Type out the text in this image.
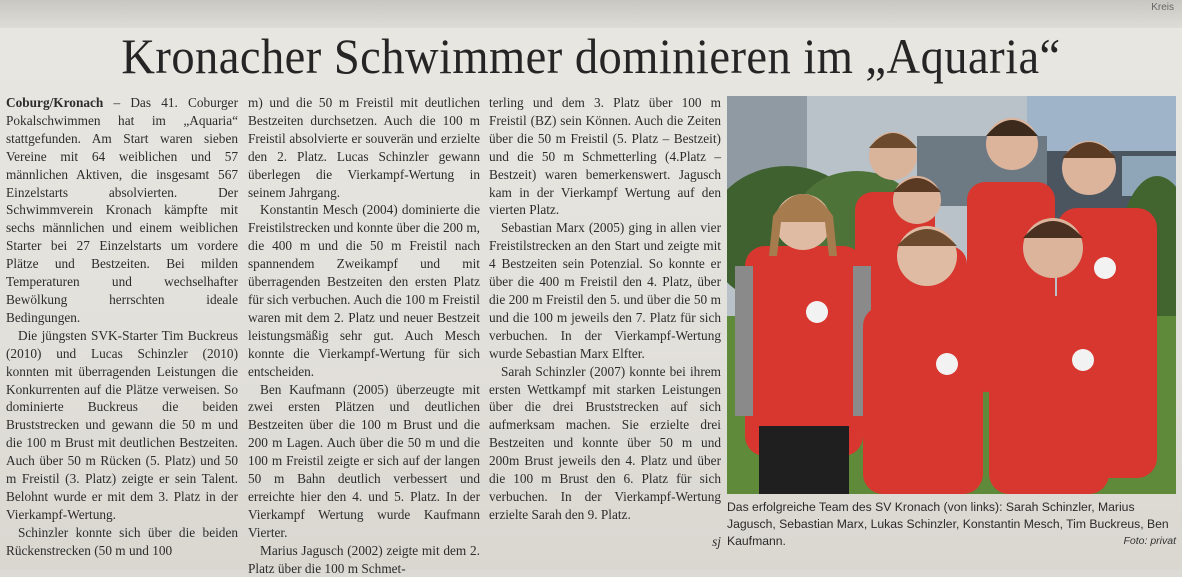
Kreis
Kronacher Schwimmer dominieren im „Aquaria“

Coburg/Kronach – Das 41. Coburger Pokalschwimmen hat im „Aquaria“ stattgefunden. Am Start waren sieben Vereine mit 64 weiblichen und 57 männlichen Aktiven, die insgesamt 567 Einzelstarts absolvierten. Der Schwimmverein Kronach kämpfte mit sechs männlichen und einem weiblichen Starter bei 27 Einzelstarts um vordere Plätze und Bestzeiten. Bei milden Temperaturen und wechselhafter Bewölkung herrschten ideale Bedingungen.

Die jüngsten SVK-Starter Tim Buckreus (2010) und Lucas Schinzler (2010) konnten mit überragenden Leistungen die Konkurrenten auf die Plätze verweisen. So dominierte Buckreus die beiden Bruststrecken und gewann die 50 m und die 100 m Brust mit deutlichen Bestzeiten. Auch über 50 m Rücken (5. Platz) und 50 m Freistil (3. Platz) zeigte er sein Talent. Belohnt wurde er mit dem 3. Platz in der Vierkampf-Wertung.

Schinzler konnte sich über die beiden Rückenstrecken (50 m und 100

m) und die 50 m Freistil mit deutlichen Bestzeiten durchsetzen. Auch die 100 m Freistil absolvierte er souverän und erzielte den 2. Platz. Lucas Schinzler gewann überlegen die Vierkampf-Wertung in seinem Jahrgang.

Konstantin Mesch (2004) dominierte die Freistilstrecken und konnte über die 200 m, die 400 m und die 50 m Freistil nach spannendem Zweikampf und mit überragenden Bestzeiten den ersten Platz für sich verbuchen. Auch die 100 m Freistil waren mit dem 2. Platz und neuer Bestzeit leistungsmäßig sehr gut. Auch Mesch konnte die Vierkampf-Wertung für sich entscheiden.

Ben Kaufmann (2005) überzeugte mit zwei ersten Plätzen und deutlichen Bestzeiten über die 100 m Brust und die 200 m Lagen. Auch über die 50 m und die 100 m Freistil zeigte er sich auf der langen 50 m Bahn deutlich verbessert und erreichte hier den 4. und 5. Platz. In der Vierkampf Wertung wurde Kaufmann Vierter.

Marius Jagusch (2002) zeigte mit dem 2. Platz über die 100 m Schmet-

terling und dem 3. Platz über 100 m Freistil (BZ) sein Können. Auch die Zeiten über die 50 m Freistil (5. Platz – Bestzeit) und die 50 m Schmetterling (4.Platz – Bestzeit) waren bemerkenswert. Jagusch kam in der Vierkampf Wertung auf den vierten Platz.

Sebastian Marx (2005) ging in allen vier Freistilstrecken an den Start und zeigte mit 4 Bestzeiten sein Potenzial. So konnte er über die 400 m Freistil den 4. Platz, über die 200 m Freistil den 5. und über die 50 m und die 100 m jeweils den 7. Platz für sich verbuchen. In der Vierkampf-Wertung wurde Sebastian Marx Elfter.

Sarah Schinzler (2007) konnte bei ihrem ersten Wettkampf mit starken Leistungen über die drei Bruststrecken auf sich aufmerksam machen. Sie erzielte drei Bestzeiten und konnte über 50 m und 200m Brust jeweils den 4. Platz und über die 100 m Brust den 6. Platz für sich verbuchen. In der Vierkampf-Wertung erzielte Sarah den 9. Platz.

sj
Das erfolgreiche Team des SV Kronach (von links): Sarah Schinzler, Marius Jagusch, Sebastian Marx, Lukas Schinzler, Konstantin Mesch, Tim Buckreus, Ben Kaufmann.	Foto: privat
